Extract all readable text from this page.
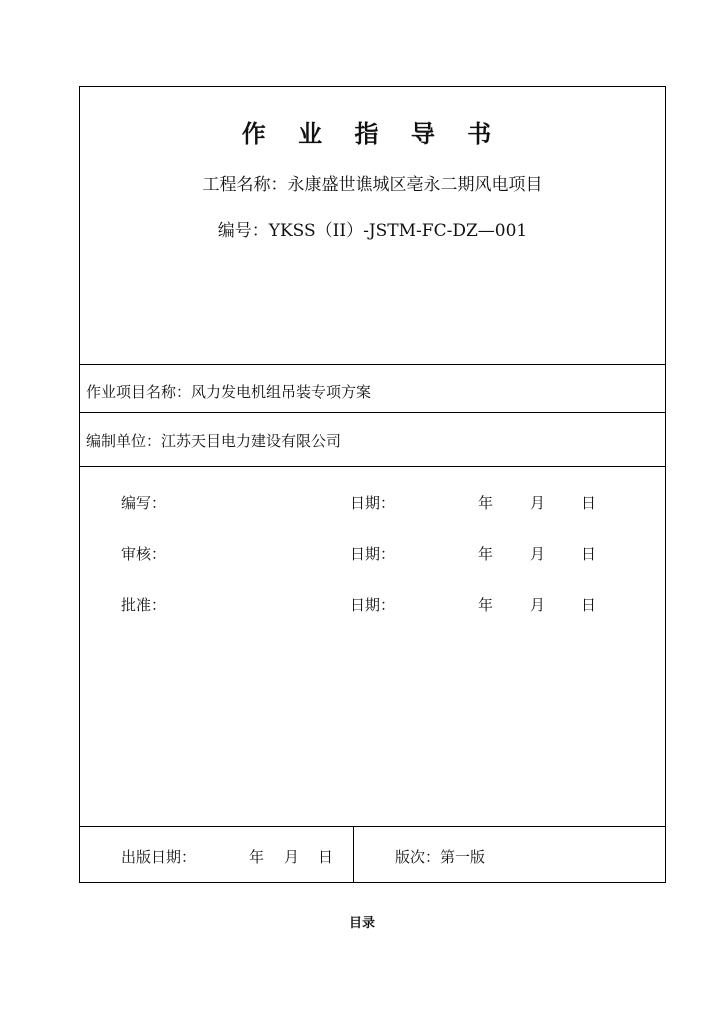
作 业 指 导 书
工程名称：永康盛世谯城区亳永二期风电项目
编号：YKSS（II）-JSTM-FC-DZ—001
作业项目名称：风力发电机组吊装专项方案
编制单位：江苏天目电力建设有限公司
编写：	日期：	年 月 日
审核：	日期：	年 月 日
批准：	日期：	年 月 日
出版日期：	年 月 日	版次：第一版
目录
